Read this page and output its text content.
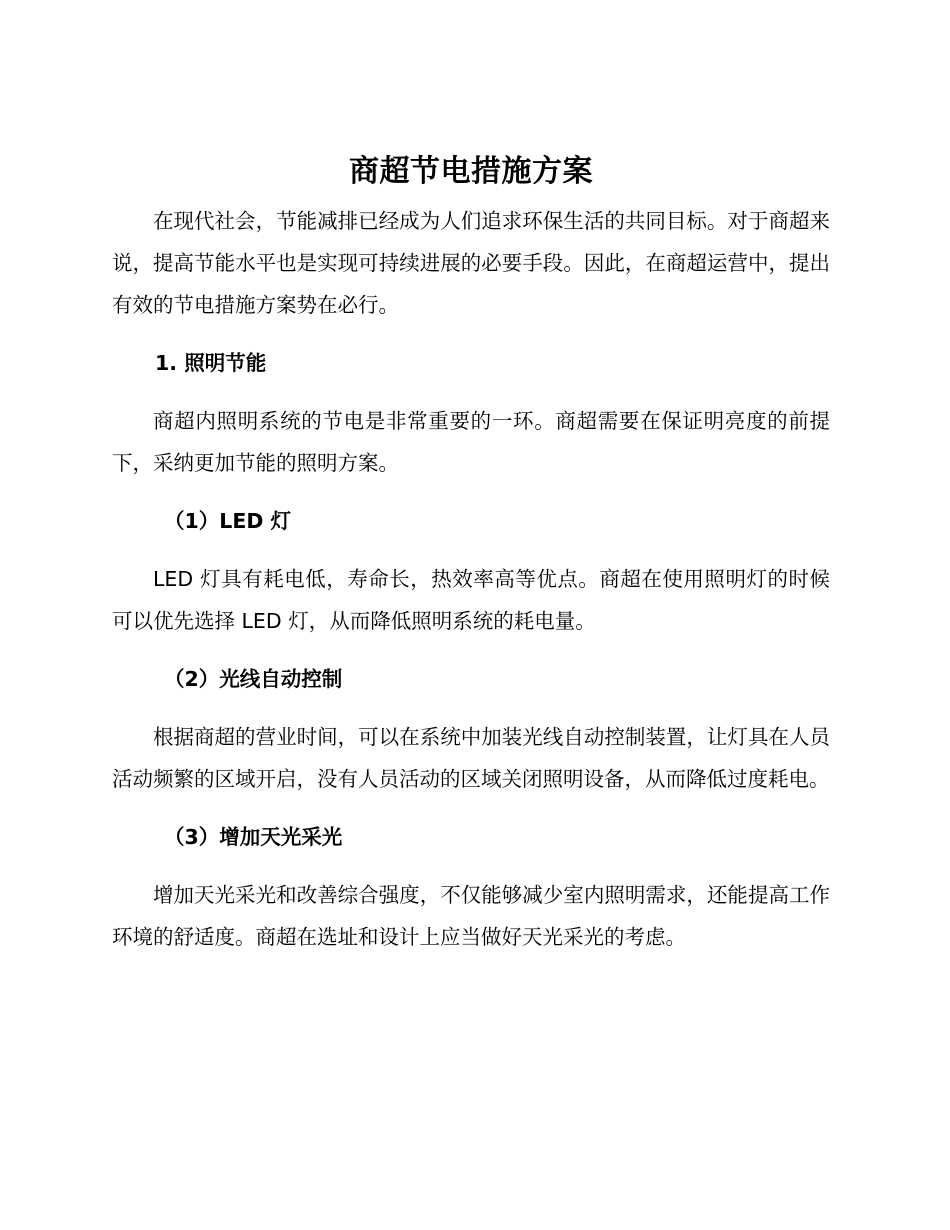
商超节电措施方案

在现代社会，节能减排已经成为人们追求环保生活的共同目标。对于商超来说，提高节能水平也是实现可持续进展的必要手段。因此，在商超运营中，提出有效的节电措施方案势在必行。

1. 照明节能

商超内照明系统的节电是非常重要的一环。商超需要在保证明亮度的前提下，采纳更加节能的照明方案。

（1）LED 灯

LED 灯具有耗电低，寿命长，热效率高等优点。商超在使用照明灯的时候可以优先选择 LED 灯，从而降低照明系统的耗电量。

（2）光线自动控制

根据商超的营业时间，可以在系统中加装光线自动控制装置，让灯具在人员活动频繁的区域开启，没有人员活动的区域关闭照明设备，从而降低过度耗电。

（3）增加天光采光

增加天光采光和改善综合强度，不仅能够减少室内照明需求，还能提高工作环境的舒适度。商超在选址和设计上应当做好天光采光的考虑。
